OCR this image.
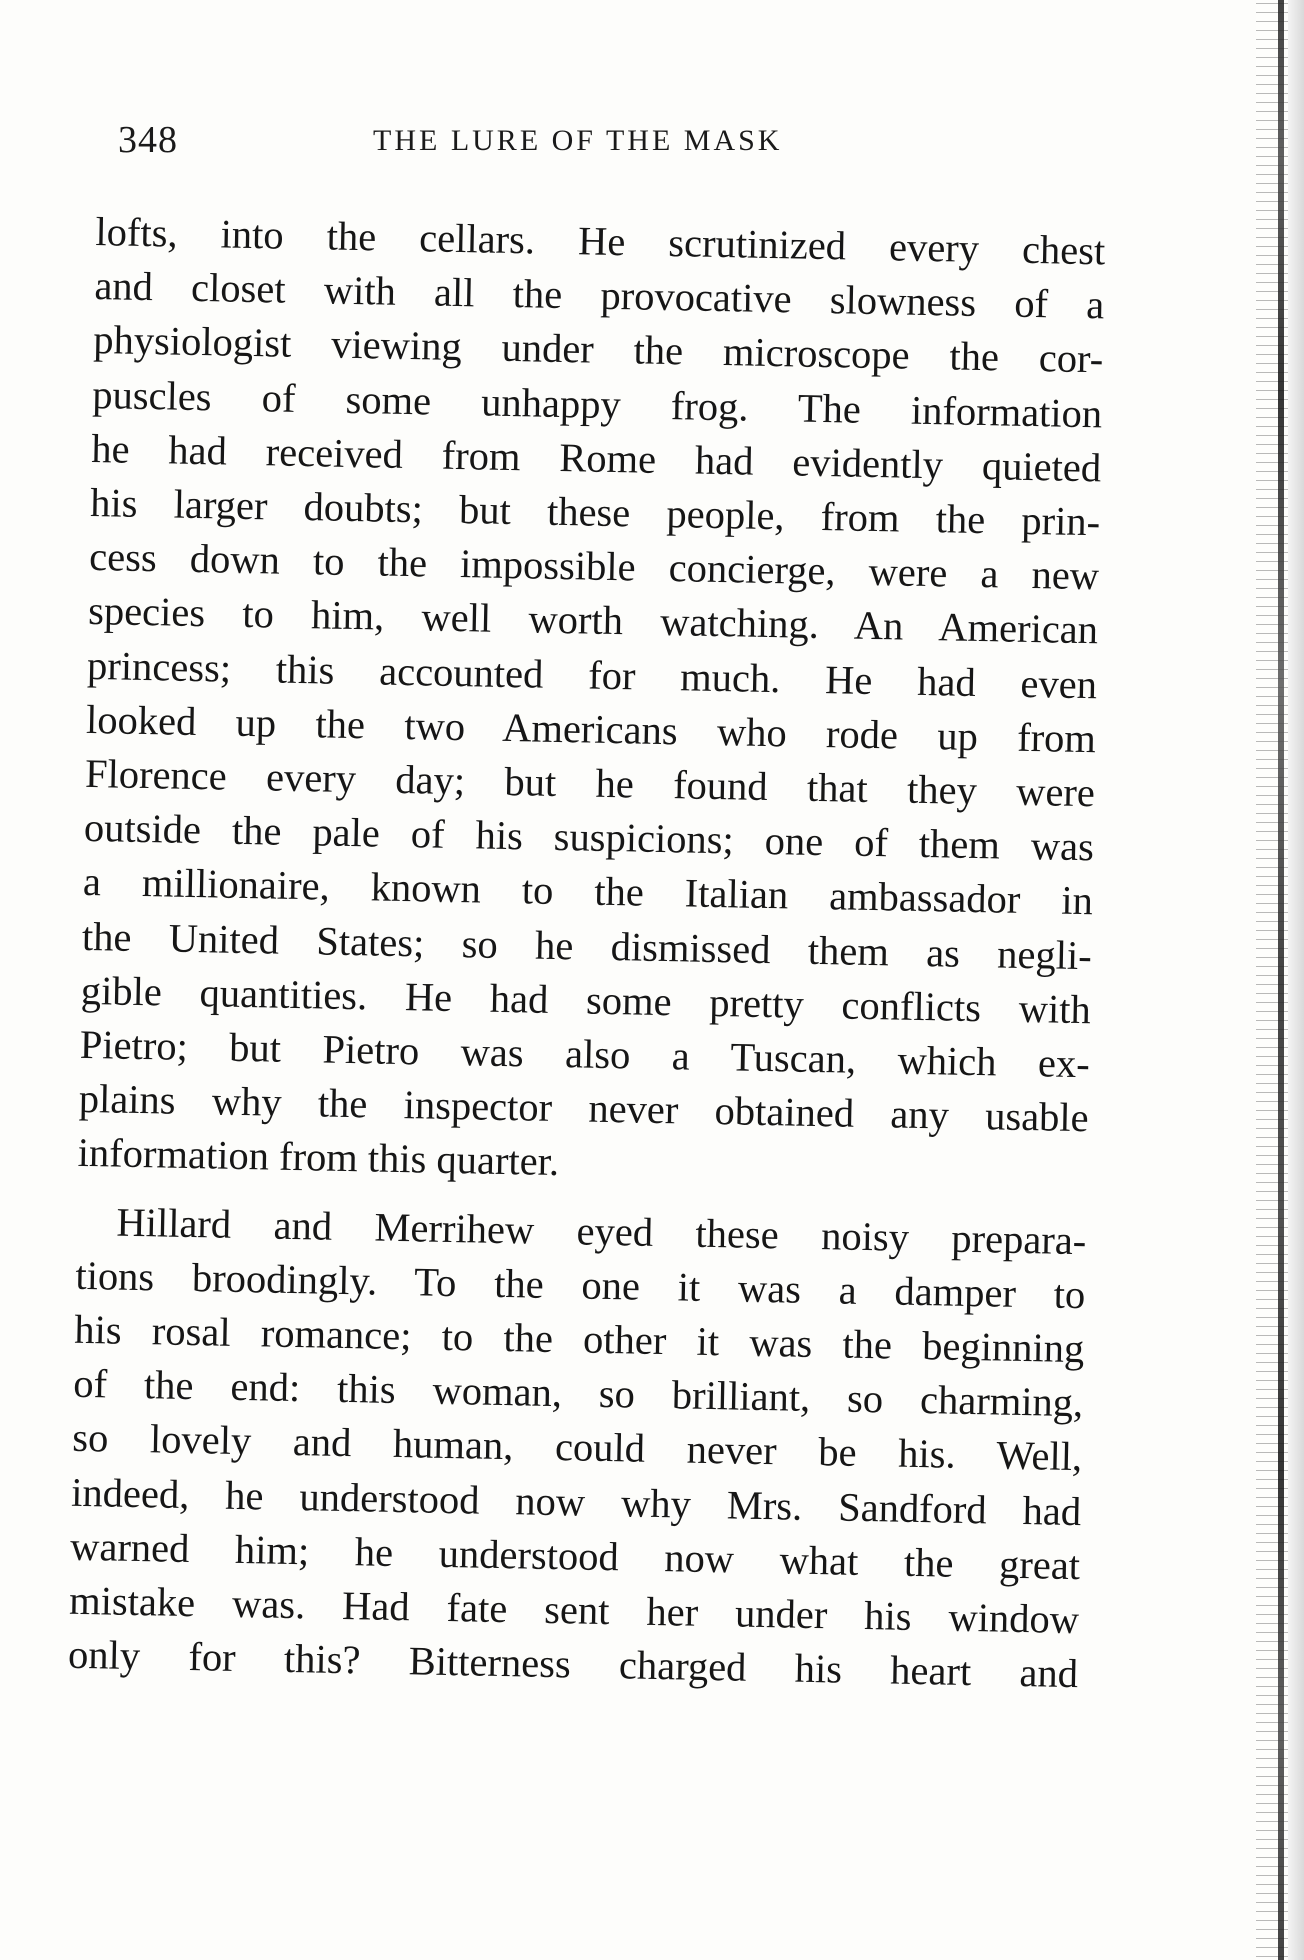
348	THE LURE OF THE MASK
lofts, into the cellars. He scrutinized every chest
and closet with all the provocative slowness of a
physiologist viewing under the microscope the cor-
puscles of some unhappy frog. The information
he had received from Rome had evidently quieted
his larger doubts; but these people, from the prin-
cess down to the impossible concierge, were a new
species to him, well worth watching. An American
princess; this accounted for much. He had even
looked up the two Americans who rode up from
Florence every day; but he found that they were
outside the pale of his suspicions; one of them was
a millionaire, known to the Italian ambassador in
the United States; so he dismissed them as negli-
gible quantities. He had some pretty conflicts with
Pietro; but Pietro was also a Tuscan, which ex-
plains why the inspector never obtained any usable
information from this quarter.
Hillard and Merrihew eyed these noisy prepara-
tions broodingly. To the one it was a damper to
his rosal romance; to the other it was the beginning
of the end: this woman, so brilliant, so charming,
so lovely and human, could never be his. Well,
indeed, he understood now why Mrs. Sandford had
warned him; he understood now what the great
mistake was. Had fate sent her under his window
only for this? Bitterness charged his heart and
